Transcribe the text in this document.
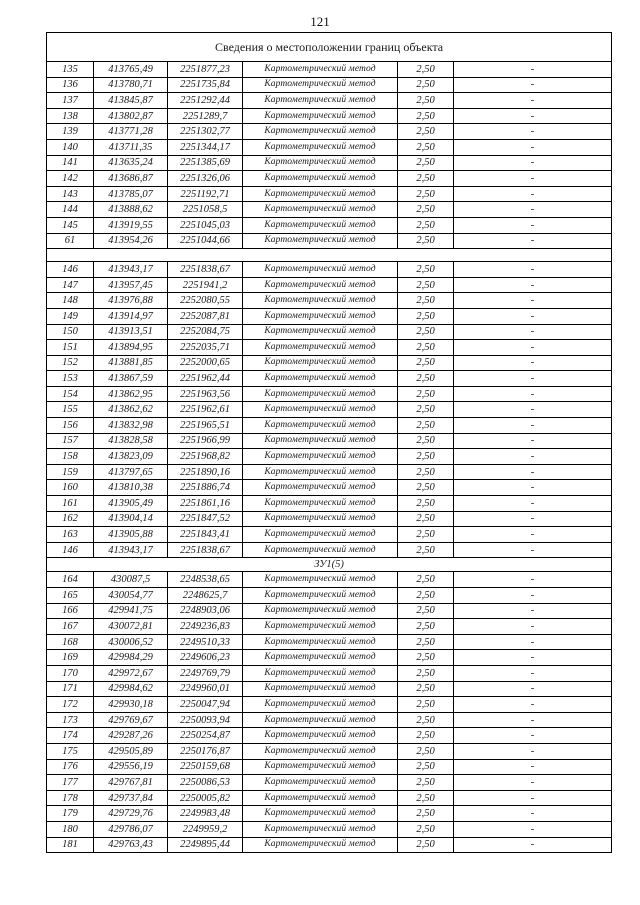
121
Сведения о местоположении границ объекта					
135	413765,49	2251877,23	Картометрический метод	2,50	-
136	413780,71	2251735,84	Картометрический метод	2,50	-
137	413845,87	2251292,44	Картометрический метод	2,50	-
138	413802,87	2251289,7	Картометрический метод	2,50	-
139	413771,28	2251302,77	Картометрический метод	2,50	-
140	413711,35	2251344,17	Картометрический метод	2,50	-
141	413635,24	2251385,69	Картометрический метод	2,50	-
142	413686,87	2251326,06	Картометрический метод	2,50	-
143	413785,07	2251192,71	Картометрический метод	2,50	-
144	413888,62	2251058,5	Картометрический метод	2,50	-
145	413919,55	2251045,03	Картометрический метод	2,50	-
61	413954,26	2251044,66	Картометрический метод	2,50	-

146	413943,17	2251838,67	Картометрический метод	2,50	-
147	413957,45	2251941,2	Картометрический метод	2,50	-
148	413976,88	2252080,55	Картометрический метод	2,50	-
149	413914,97	2252087,81	Картометрический метод	2,50	-
150	413913,51	2252084,75	Картометрический метод	2,50	-
151	413894,95	2252035,71	Картометрический метод	2,50	-
152	413881,85	2252000,65	Картометрический метод	2,50	-
153	413867,59	2251962,44	Картометрический метод	2,50	-
154	413862,95	2251963,56	Картометрический метод	2,50	-
155	413862,62	2251962,61	Картометрический метод	2,50	-
156	413832,98	2251965,51	Картометрический метод	2,50	-
157	413828,58	2251966,99	Картометрический метод	2,50	-
158	413823,09	2251968,82	Картометрический метод	2,50	-
159	413797,65	2251890,16	Картометрический метод	2,50	-
160	413810,38	2251886,74	Картометрический метод	2,50	-
161	413905,49	2251861,16	Картометрический метод	2,50	-
162	413904,14	2251847,52	Картометрический метод	2,50	-
163	413905,88	2251843,41	Картометрический метод	2,50	-
146	413943,17	2251838,67	Картометрический метод	2,50	-
ЗУ1(5)					
164	430087,5	2248538,65	Картометрический метод	2,50	-
165	430054,77	2248625,7	Картометрический метод	2,50	-
166	429941,75	2248903,06	Картометрический метод	2,50	-
167	430072,81	2249236,83	Картометрический метод	2,50	-
168	430006,52	2249510,33	Картометрический метод	2,50	-
169	429984,29	2249606,23	Картометрический метод	2,50	-
170	429972,67	2249769,79	Картометрический метод	2,50	-
171	429984,62	2249960,01	Картометрический метод	2,50	-
172	429930,18	2250047,94	Картометрический метод	2,50	-
173	429769,67	2250093,94	Картометрический метод	2,50	-
174	429287,26	2250254,87	Картометрический метод	2,50	-
175	429505,89	2250176,87	Картометрический метод	2,50	-
176	429556,19	2250159,68	Картометрический метод	2,50	-
177	429767,81	2250086,53	Картометрический метод	2,50	-
178	429737,84	2250005,82	Картометрический метод	2,50	-
179	429729,76	2249983,48	Картометрический метод	2,50	-
180	429786,07	2249959,2	Картометрический метод	2,50	-
181	429763,43	2249895,44	Картометрический метод	2,50	-
